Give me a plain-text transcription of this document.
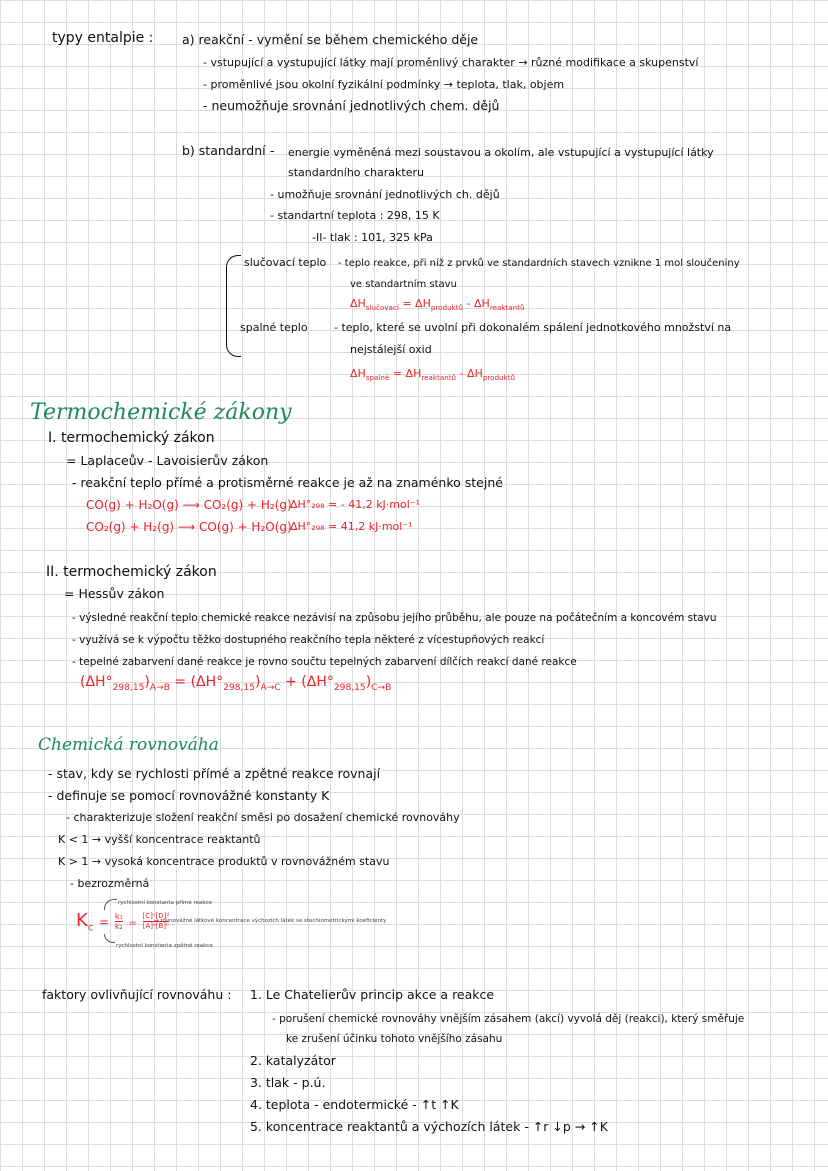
typy entalpie : a) reakční - vymění se během chemického děje
- vstupující a vystupující látky mají proměnlivý charakter → různé modifikace a skupenství
- proměnlivé jsou okolní fyzikální podmínky → teplota, tlak, objem
- neumožňuje srovnání jednotlivých chem. dějů
b) standardní - energie vyměněná mezi soustavou a okolím, ale vstupující a vystupující látky
standardního charakteru
- umožňuje srovnání jednotlivých ch. dějů
- standartní teplota : 298, 15 K
-II- tlak : 101, 325 kPa
slučovací teplo - teplo reakce, při níž z prvků ve standardních stavech vznikne 1 mol sloučeniny
ve standartním stavu
$\Delta H_{slučovací} = \Delta H_{produktů} - \Delta H_{reaktantů}$
spalné teplo - teplo, které se uvolní při dokonalém spálení jednotkového množství na
nejstálejší oxid
$\Delta H_{spalné} = \Delta H_{reaktantů} - \Delta H_{produktů}$
Termochemické zákony
I. termochemický zákon
= Laplaceův - Lavoisierův zákon
- reakční teplo přímé a protisměrné reakce je až na znaménko stejné
CO(g) + H₂O(g) ⟶ CO₂(g) + H₂(g)
ΔH°₂₉₈ = - 41,2 kJ·mol⁻¹
CO₂(g) + H₂(g) ⟶ CO(g) + H₂O(g)
ΔH°₂₉₈ = 41,2 kJ·mol⁻¹
II. termochemický zákon
= Hessův zákon
- výsledné reakční teplo chemické reakce nezávisí na způsobu jejího průběhu, ale pouze na počátečním a koncovém stavu
- využívá se k výpočtu těžko dostupného reakčního tepla některé z vícestupňových reakcí
- tepelné zabarvení dané reakce je rovno součtu tepelných zabarvení dílčích reakcí dané reakce
$(\Delta H^\circ_{298,15})_{A\to B} = (\Delta H^\circ_{298,15})_{A\to C} + (\Delta H^\circ_{298,15})_{C\to B}$
Chemická rovnováha
- stav, kdy se rychlosti přímé a zpětné reakce rovnají
- definuje se pomocí rovnovážné konstanty K
- charakterizuje složení reakční směsi po dosažení chemické rovnováhy
K < 1 → vyšší koncentrace reaktantů
K > 1 → vysoká koncentrace produktů v rovnovážném stavu
- bezrozměrná
rychlostní konstanta přímé reakce
$K_c = \frac{\text{k₁}}{\text{k₂}} = \frac{\text{[C]ᶜ[D]ᵈ}}{\text{[A]ᵃ[B]ᵇ}}$
→ rovnovážné látkové koncentrace výchozích látek se stechiometrickými koeficienty
rychlostní konstanta zpětné reakce
faktory ovlivňující rovnováhu : 1. Le Chatelierův princip akce a reakce
- porušení chemické rovnováhy vnějším zásahem (akcí) vyvolá děj (reakci), který směřuje
ke zrušení účinku tohoto vnějšího zásahu
2. katalyzátor
3. tlak - p.ú.
4. teplota - endotermické - ↑t ↑K
5. koncentrace reaktantů a výchozích látek - ↑r ↓p → ↑K
